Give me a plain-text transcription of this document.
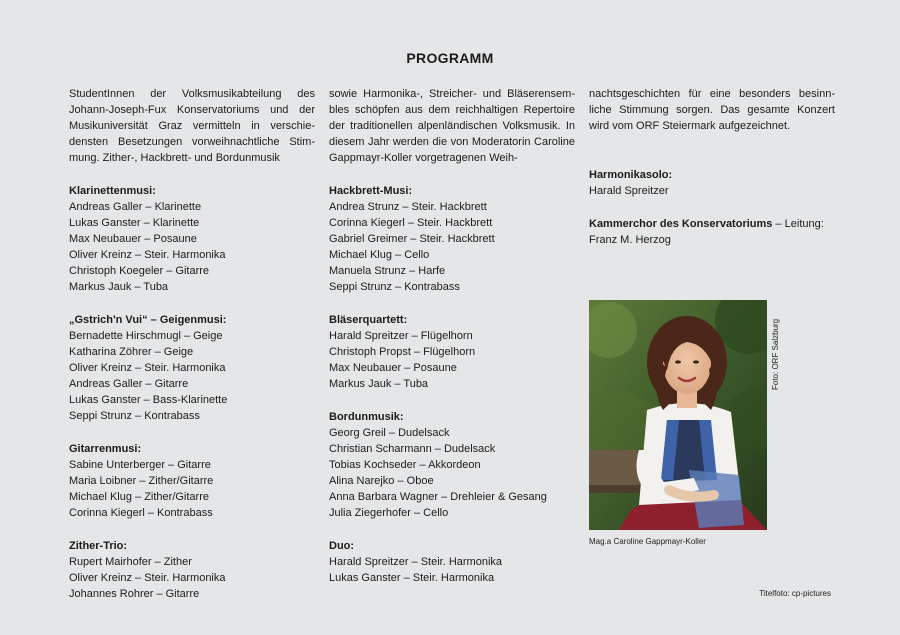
PROGRAMM

StudentInnen der Volksmusikabteilung des Johann-Joseph-Fux Konservatoriums und der Musikuniversität Graz vermitteln in verschie-densten Besetzungen vorweihnachtliche Stim-mung. Zither-, Hackbrett- und Bordunmusik

Klarinettenmusi:
Andreas Galler – Klarinette
Lukas Ganster – Klarinette
Max Neubauer – Posaune
Oliver Kreinz – Steir. Harmonika
Christoph Koegeler – Gitarre
Markus Jauk – Tuba
„Gstrich'n Vui“ – Geigenmusi:
Bernadette Hirschmugl – Geige
Katharina Zöhrer – Geige
Oliver Kreinz – Steir. Harmonika
Andreas Galler – Gitarre
Lukas Ganster – Bass-Klarinette
Seppi Strunz – Kontrabass
Gitarrenmusi:
Sabine Unterberger – Gitarre
Maria Loibner – Zither/Gitarre
Michael Klug – Zither/Gitarre
Corinna Kiegerl – Kontrabass
Zither-Trio:
Rupert Mairhofer – Zither
Oliver Kreinz – Steir. Harmonika
Johannes Rohrer – Gitarre

sowie Harmonika-, Streicher- und Bläserensem-bles schöpfen aus dem reichhaltigen Repertoire der traditionellen alpenländischen Volksmusik. In diesem Jahr werden die von Moderatorin Caroline Gappmayr-Koller vorgetragenen Weih-

Hackbrett-Musi:
Andrea Strunz – Steir. Hackbrett
Corinna Kiegerl – Steir. Hackbrett
Gabriel Greimer – Steir. Hackbrett
Michael Klug – Cello
Manuela Strunz – Harfe
Seppi Strunz – Kontrabass
Bläserquartett:
Harald Spreitzer – Flügelhorn
Christoph Propst – Flügelhorn
Max Neubauer – Posaune
Markus Jauk – Tuba
Bordunmusik:
Georg Greil – Dudelsack
Christian Scharmann – Dudelsack
Tobias Kochseder – Akkordeon
Alina Narejko – Oboe
Anna Barbara Wagner – Drehleier & Gesang
Julia Ziegerhofer – Cello
Duo:
Harald Spreitzer – Steir. Harmonika
Lukas Ganster – Steir. Harmonika

nachtsgeschichten für eine besonders besinn-liche Stimmung sorgen. Das gesamte Konzert wird vom ORF Steiermark aufgezeichnet.

Harmonikasolo:
Harald Spreitzer
Kammerchor des Konservatoriums – Leitung:
Franz M. Herzog
Foto: ORF Salzburg
Mag.a Caroline Gappmayr-Koller
Titelfoto: cp-pictures
